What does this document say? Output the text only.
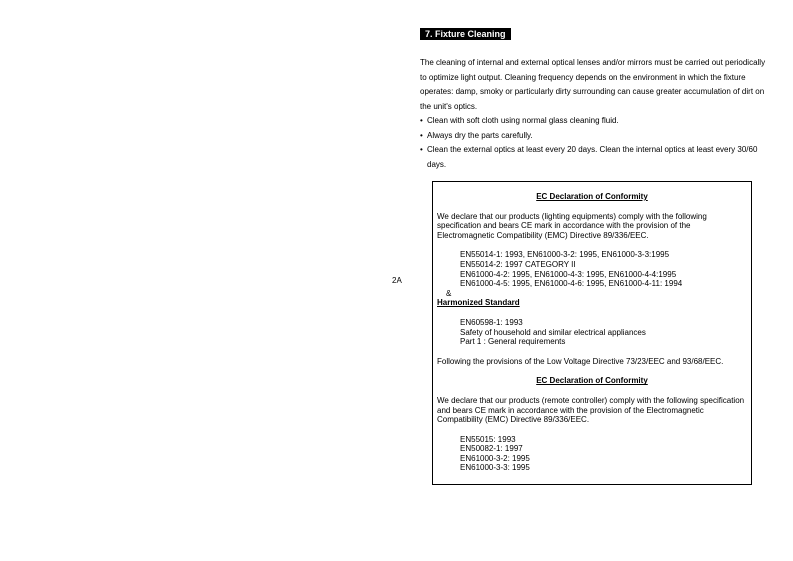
2A
7. Fixture Cleaning

The cleaning of internal and external optical lenses and/or mirrors must be carried out periodically to optimize light output. Cleaning frequency depends on the environment in which the fixture operates: damp, smoky or particularly dirty surrounding can cause greater accumulation of dirt on the unit's optics.

• Clean with soft cloth using normal glass cleaning fluid.
• Always dry the parts carefully.
• Clean the external optics at least every 20 days. Clean the internal optics at least every 30/60 days.
EC Declaration of Conformity
We declare that our products (lighting equipments) comply with the following specification and bears CE mark in accordance with the provision of the Electromagnetic Compatibility (EMC) Directive 89/336/EEC.
EN55014-1: 1993, EN61000-3-2: 1995, EN61000-3-3:1995
EN55014-2: 1997 CATEGORY II
EN61000-4-2: 1995, EN61000-4-3: 1995, EN61000-4-4:1995
EN61000-4-5: 1995, EN61000-4-6: 1995, EN61000-4-11: 1994
&
Harmonized Standard
EN60598-1: 1993
Safety of household and similar electrical appliances
Part 1 : General requirements
Following the provisions of the Low Voltage Directive 73/23/EEC and 93/68/EEC.
EC Declaration of Conformity
We declare that our products (remote controller) comply with the following specification and bears CE mark in accordance with the provision of the Electromagnetic Compatibility (EMC) Directive 89/336/EEC.
EN55015: 1993
EN50082-1: 1997
EN61000-3-2: 1995
EN61000-3-3: 1995
